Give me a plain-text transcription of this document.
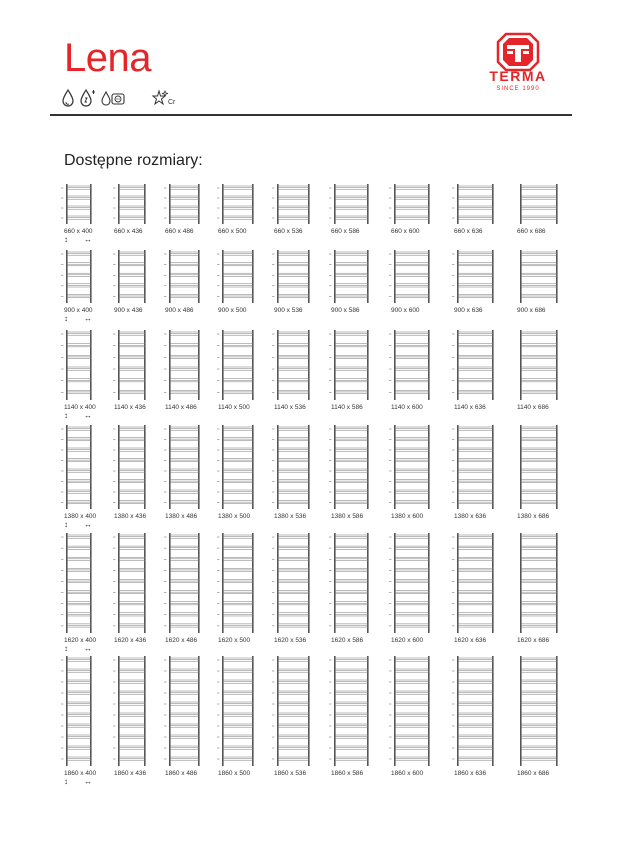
Lena
Cr
TERMA
SINCE 1990
Dostępne rozmiary:
660 x 400
↕ ↔
660 x 436	660 x 486	660 x 500	660 x 536	660 x 586	660 x 600	660 x 636	660 x 686
900 x 400
↕ ↔
900 x 436	900 x 486	900 x 500	900 x 536	900 x 586	900 x 600	900 x 636	900 x 686
1140 x 400
↕ ↔
1140 x 436	1140 x 486	1140 x 500	1140 x 536	1140 x 586	1140 x 600	1140 x 636	1140 x 686
1380 x 400
↕ ↔
1380 x 436	1380 x 486	1380 x 500	1380 x 536	1380 x 586	1380 x 600	1380 x 636	1380 x 686
1620 x 400
↕ ↔
1620 x 436	1620 x 486	1620 x 500	1620 x 536	1620 x 586	1620 x 600	1620 x 636	1620 x 686
1860 x 400
↕ ↔
1860 x 436	1860 x 486	1860 x 500	1860 x 536	1860 x 586	1860 x 600	1860 x 636	1860 x 686
